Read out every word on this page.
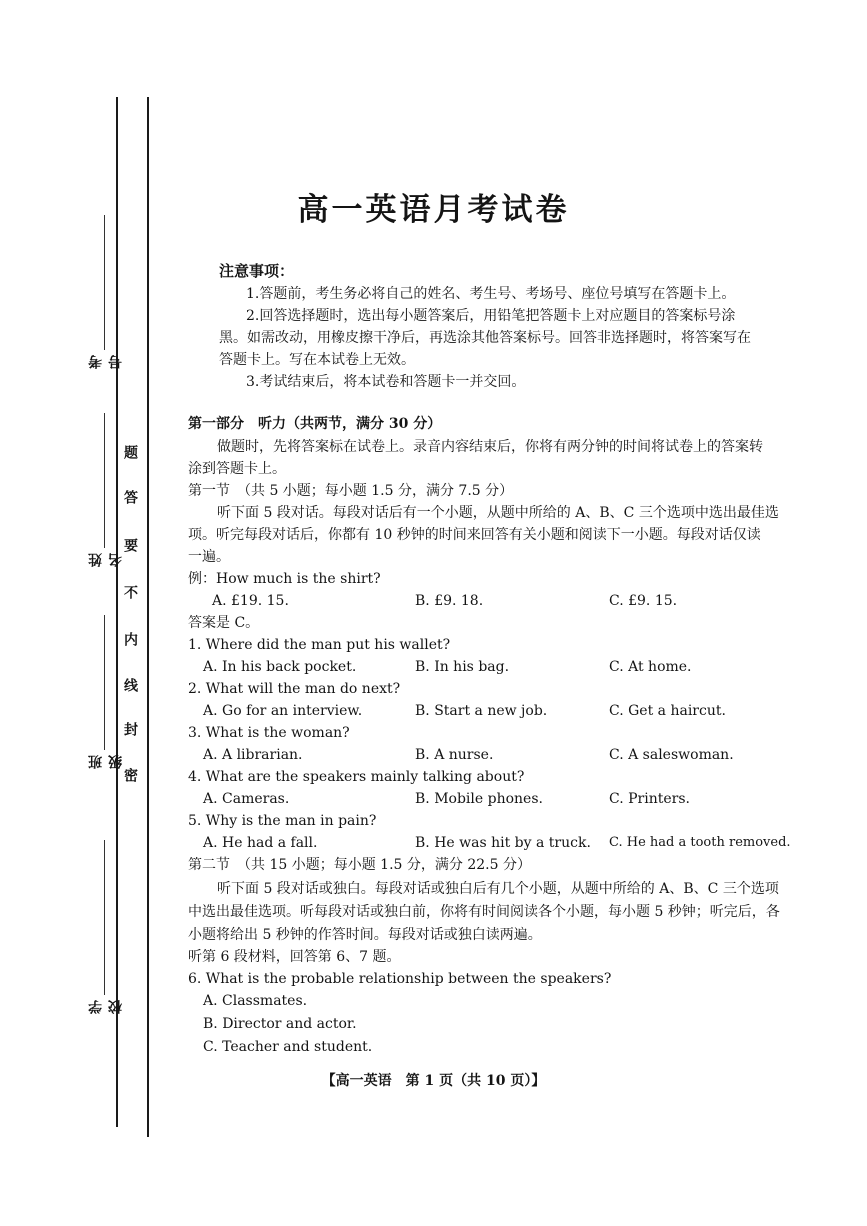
考号
姓名
班级
学校
题
答
要
不
内
线
封
密
高一英语月考试卷
注意事项：
1.答题前，考生务必将自己的姓名、考生号、考场号、座位号填写在答题卡上。
2.回答选择题时，选出每小题答案后，用铅笔把答题卡上对应题目的答案标号涂
黑。如需改动，用橡皮擦干净后，再选涂其他答案标号。回答非选择题时，将答案写在
答题卡上。写在本试卷上无效。
3.考试结束后，将本试卷和答题卡一并交回。
第一部分　听力（共两节，满分 30 分）
做题时，先将答案标在试卷上。录音内容结束后，你将有两分钟的时间将试卷上的答案转
涂到答题卡上。
第一节　（共 5 小题；每小题 1.5 分，满分 7.5 分）
听下面 5 段对话。每段对话后有一个小题，从题中所给的 A、B、C 三个选项中选出最佳选
项。听完每段对话后，你都有 10 秒钟的时间来回答有关小题和阅读下一小题。每段对话仅读
一遍。
例：How much is the shirt?
A. £19. 15.	B. £9. 18.	C. £9. 15.
答案是 C。
1. Where did the man put his wallet?
A. In his back pocket.	B. In his bag.	C. At home.
2. What will the man do next?
A. Go for an interview.	B. Start a new job.	C. Get a haircut.
3. What is the woman?
A. A librarian.	B. A nurse.	C. A saleswoman.
4. What are the speakers mainly talking about?
A. Cameras.	B. Mobile phones.	C. Printers.
5. Why is the man in pain?
A. He had a fall.	B. He was hit by a truck. C. He had a tooth removed.
第二节　（共 15 小题；每小题 1.5 分，满分 22.5 分）
听下面 5 段对话或独白。每段对话或独白后有几个小题，从题中所给的 A、B、C 三个选项
中选出最佳选项。听每段对话或独白前，你将有时间阅读各个小题，每小题 5 秒钟；听完后，各
小题将给出 5 秒钟的作答时间。每段对话或独白读两遍。
听第 6 段材料，回答第 6、7 题。
6. What is the probable relationship between the speakers?
A. Classmates.
B. Director and actor.
C. Teacher and student.
【高一英语　第 1 页（共 10 页）】
